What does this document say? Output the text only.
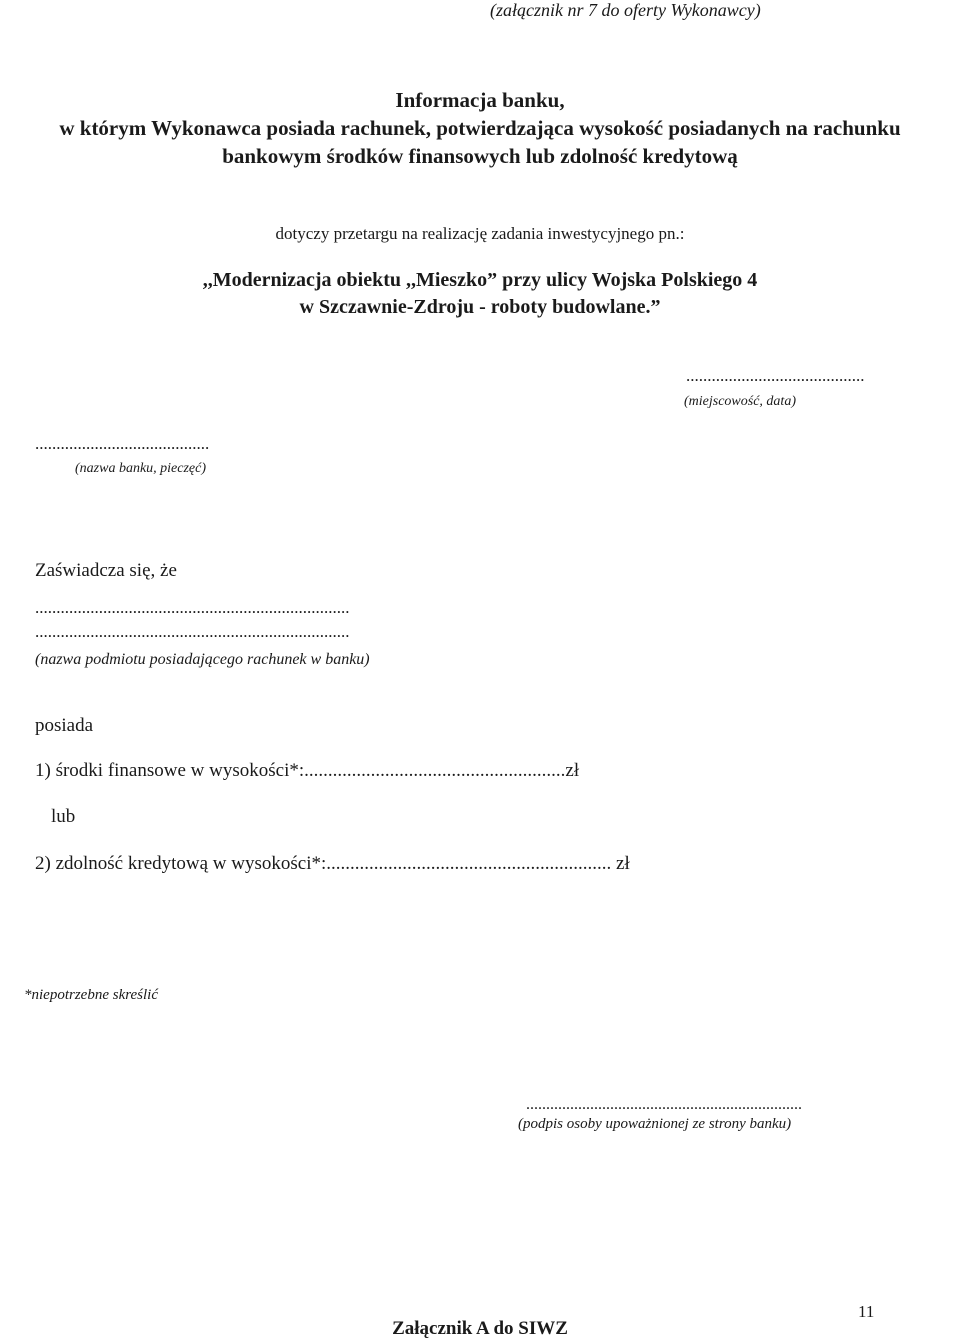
(załącznik nr 7 do oferty Wykonawcy)
Informacja banku,
w którym Wykonawca posiada rachunek, potwierdzająca wysokość posiadanych na rachunku
bankowym środków finansowych lub zdolność kredytową
dotyczy przetargu na realizację zadania inwestycyjnego pn.:
,,Modernizacja obiektu ,,Mieszko” przy ulicy Wojska Polskiego 4
w Szczawnie-Zdroju - roboty budowlane.”
..........................................
(miejscowość, data)
.........................................
(nazwa banku, pieczęć)
Zaświadcza się, że
..........................................................................
..........................................................................
(nazwa podmiotu posiadającego rachunek w banku)
posiada
1) środki finansowe w wysokości*:.......................................................zł
lub
2) zdolność kredytową w wysokości*:............................................................ zł
*niepotrzebne skreślić
.....................................................................
(podpis osoby upoważnionej ze strony banku)
11
Załącznik A do SIWZ
